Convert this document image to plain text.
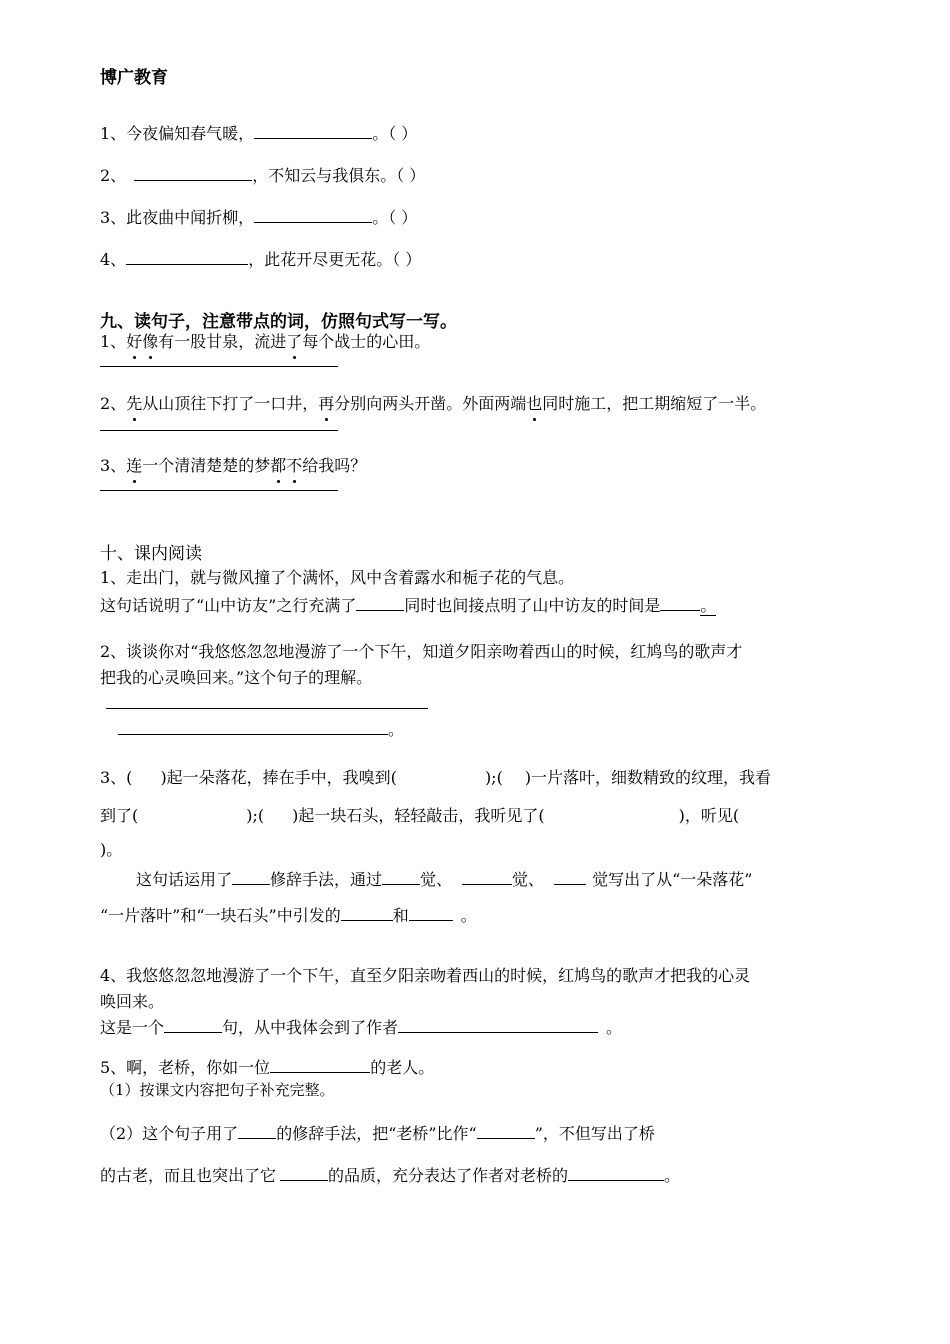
博广教育
1、今夜偏知春气暖，	。（ ）
2、	，不知云与我俱东。（ ）
3、此夜曲中闻折柳，	。（ ）
4、	，此花开尽更无花。（ ）
九、读句子，注意带点的词，仿照句式写一写。
1、好像有一股甘泉，流进了每个战士的心田。
2、先从山顶往下打了一口井，再分别向两头开凿。外面两端也同时施工，把工期缩短了一半。
3、连一个清清楚楚的梦都不给我吗？
十、课内阅读
1、走出门，就与微风撞了个满怀，风中含着露水和栀子花的气息。
这句话说明了“山中访友”之行充满了	同时也间接点明了山中访友的时间是	。
2、谈谈你对“我悠悠忽忽地漫游了一个下午，知道夕阳亲吻着西山的时候，红鸠鸟的歌声才
把我的心灵唤回来。”这个句子的理解。
。
3、( )起一朵落花，捧在手中，我嗅到(	);( )一片落叶，细数精致的纹理，我看
到了(	);( )起一块石头，轻轻敲击，我听见了(	)，听见(
)。
这句话运用了 修辞手法，通过 觉、	觉、	觉写出了从“一朵落花”
“一片落叶”和“一块石头”中引发的	和	。
4、我悠悠忽忽地漫游了一个下午，直至夕阳亲吻着西山的时候，红鸠鸟的歌声才把我的心灵
唤回来。
这是一个	句，从中我体会到了作者	。
5、啊，老桥，你如一位	的老人。
（1）按课文内容把句子补充完整。
（2）这个句子用了 的修辞手法，把“老桥”比作“	”，不但写出了桥
的古老，而且也突出了它	的品质，充分表达了作者对老桥的	。
